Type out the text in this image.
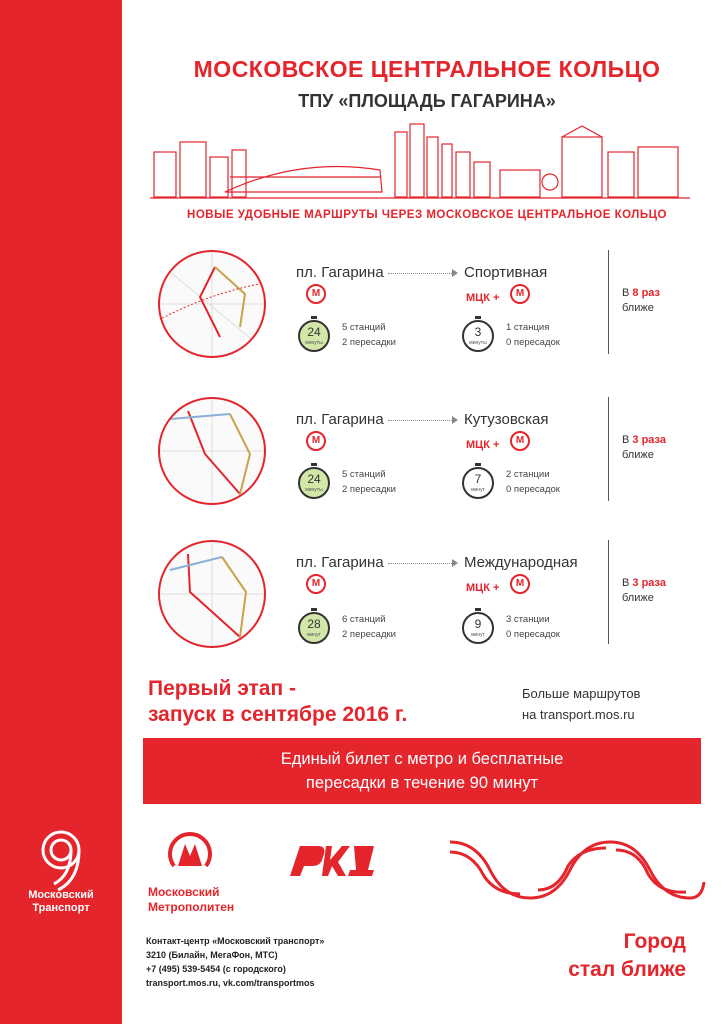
МОСКОВСКОЕ ЦЕНТРАЛЬНОЕ КОЛЬЦО
ТПУ «ПЛОЩАДЬ ГАГАРИНА»
НОВЫЕ УДОБНЫЕ МАРШРУТЫ ЧЕРЕЗ МОСКОВСКОЕ ЦЕНТРАЛЬНОЕ КОЛЬЦО
пл. Гагарина	Спортивная
М	МЦК +	М
24
минуты
5 станций
2 пересадки
3
минуты
1 станция
0 пересадок
В 8 раз
ближе
пл. Гагарина	Кутузовская
М	МЦК +	М
24
минуты
5 станций
2 пересадки
7
минут
2 станции
0 пересадок
В 3 раза
ближе
пл. Гагарина	Международная
М	МЦК +	М
28
минут
6 станций
2 пересадки
9
минут
3 станции
0 пересадок
В 3 раза
ближе
Первый этап -
запуск в сентябре 2016 г.
Больше маршрутов
на transport.mos.ru
Единый билет с метро и бесплатные
пересадки в течение 90 минут
Московский
Транспорт
Московский
Метрополитен
Контакт-центр «Московский транспорт»
3210 (Билайн, МегаФон, МТС)
+7 (495) 539-5454 (с городского)
transport.mos.ru, vk.com/transportmos
Город
стал ближе
